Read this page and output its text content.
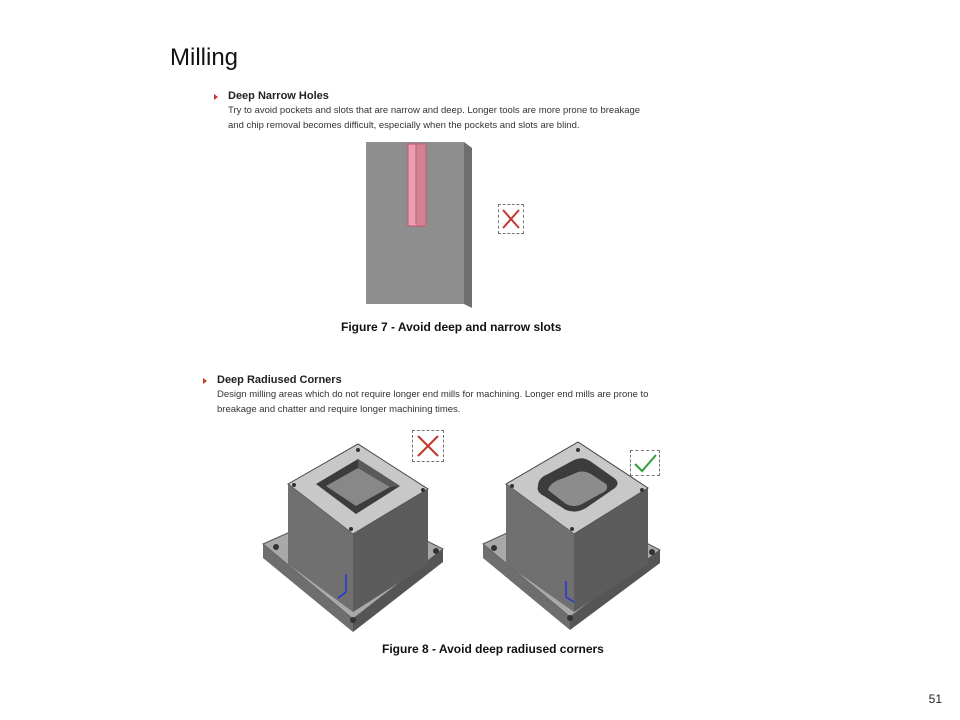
Milling
Deep Narrow Holes
Try to avoid pockets and slots that are narrow and deep. Longer tools are more prone to breakage
and chip removal becomes difficult, especially when the pockets and slots are blind.
Figure 7 - Avoid deep and narrow slots
Deep Radiused Corners
Design milling areas which do not require longer end mills for machining. Longer end mills are prone to
breakage and chatter and require longer machining times.
Figure 8 - Avoid deep radiused corners
51
